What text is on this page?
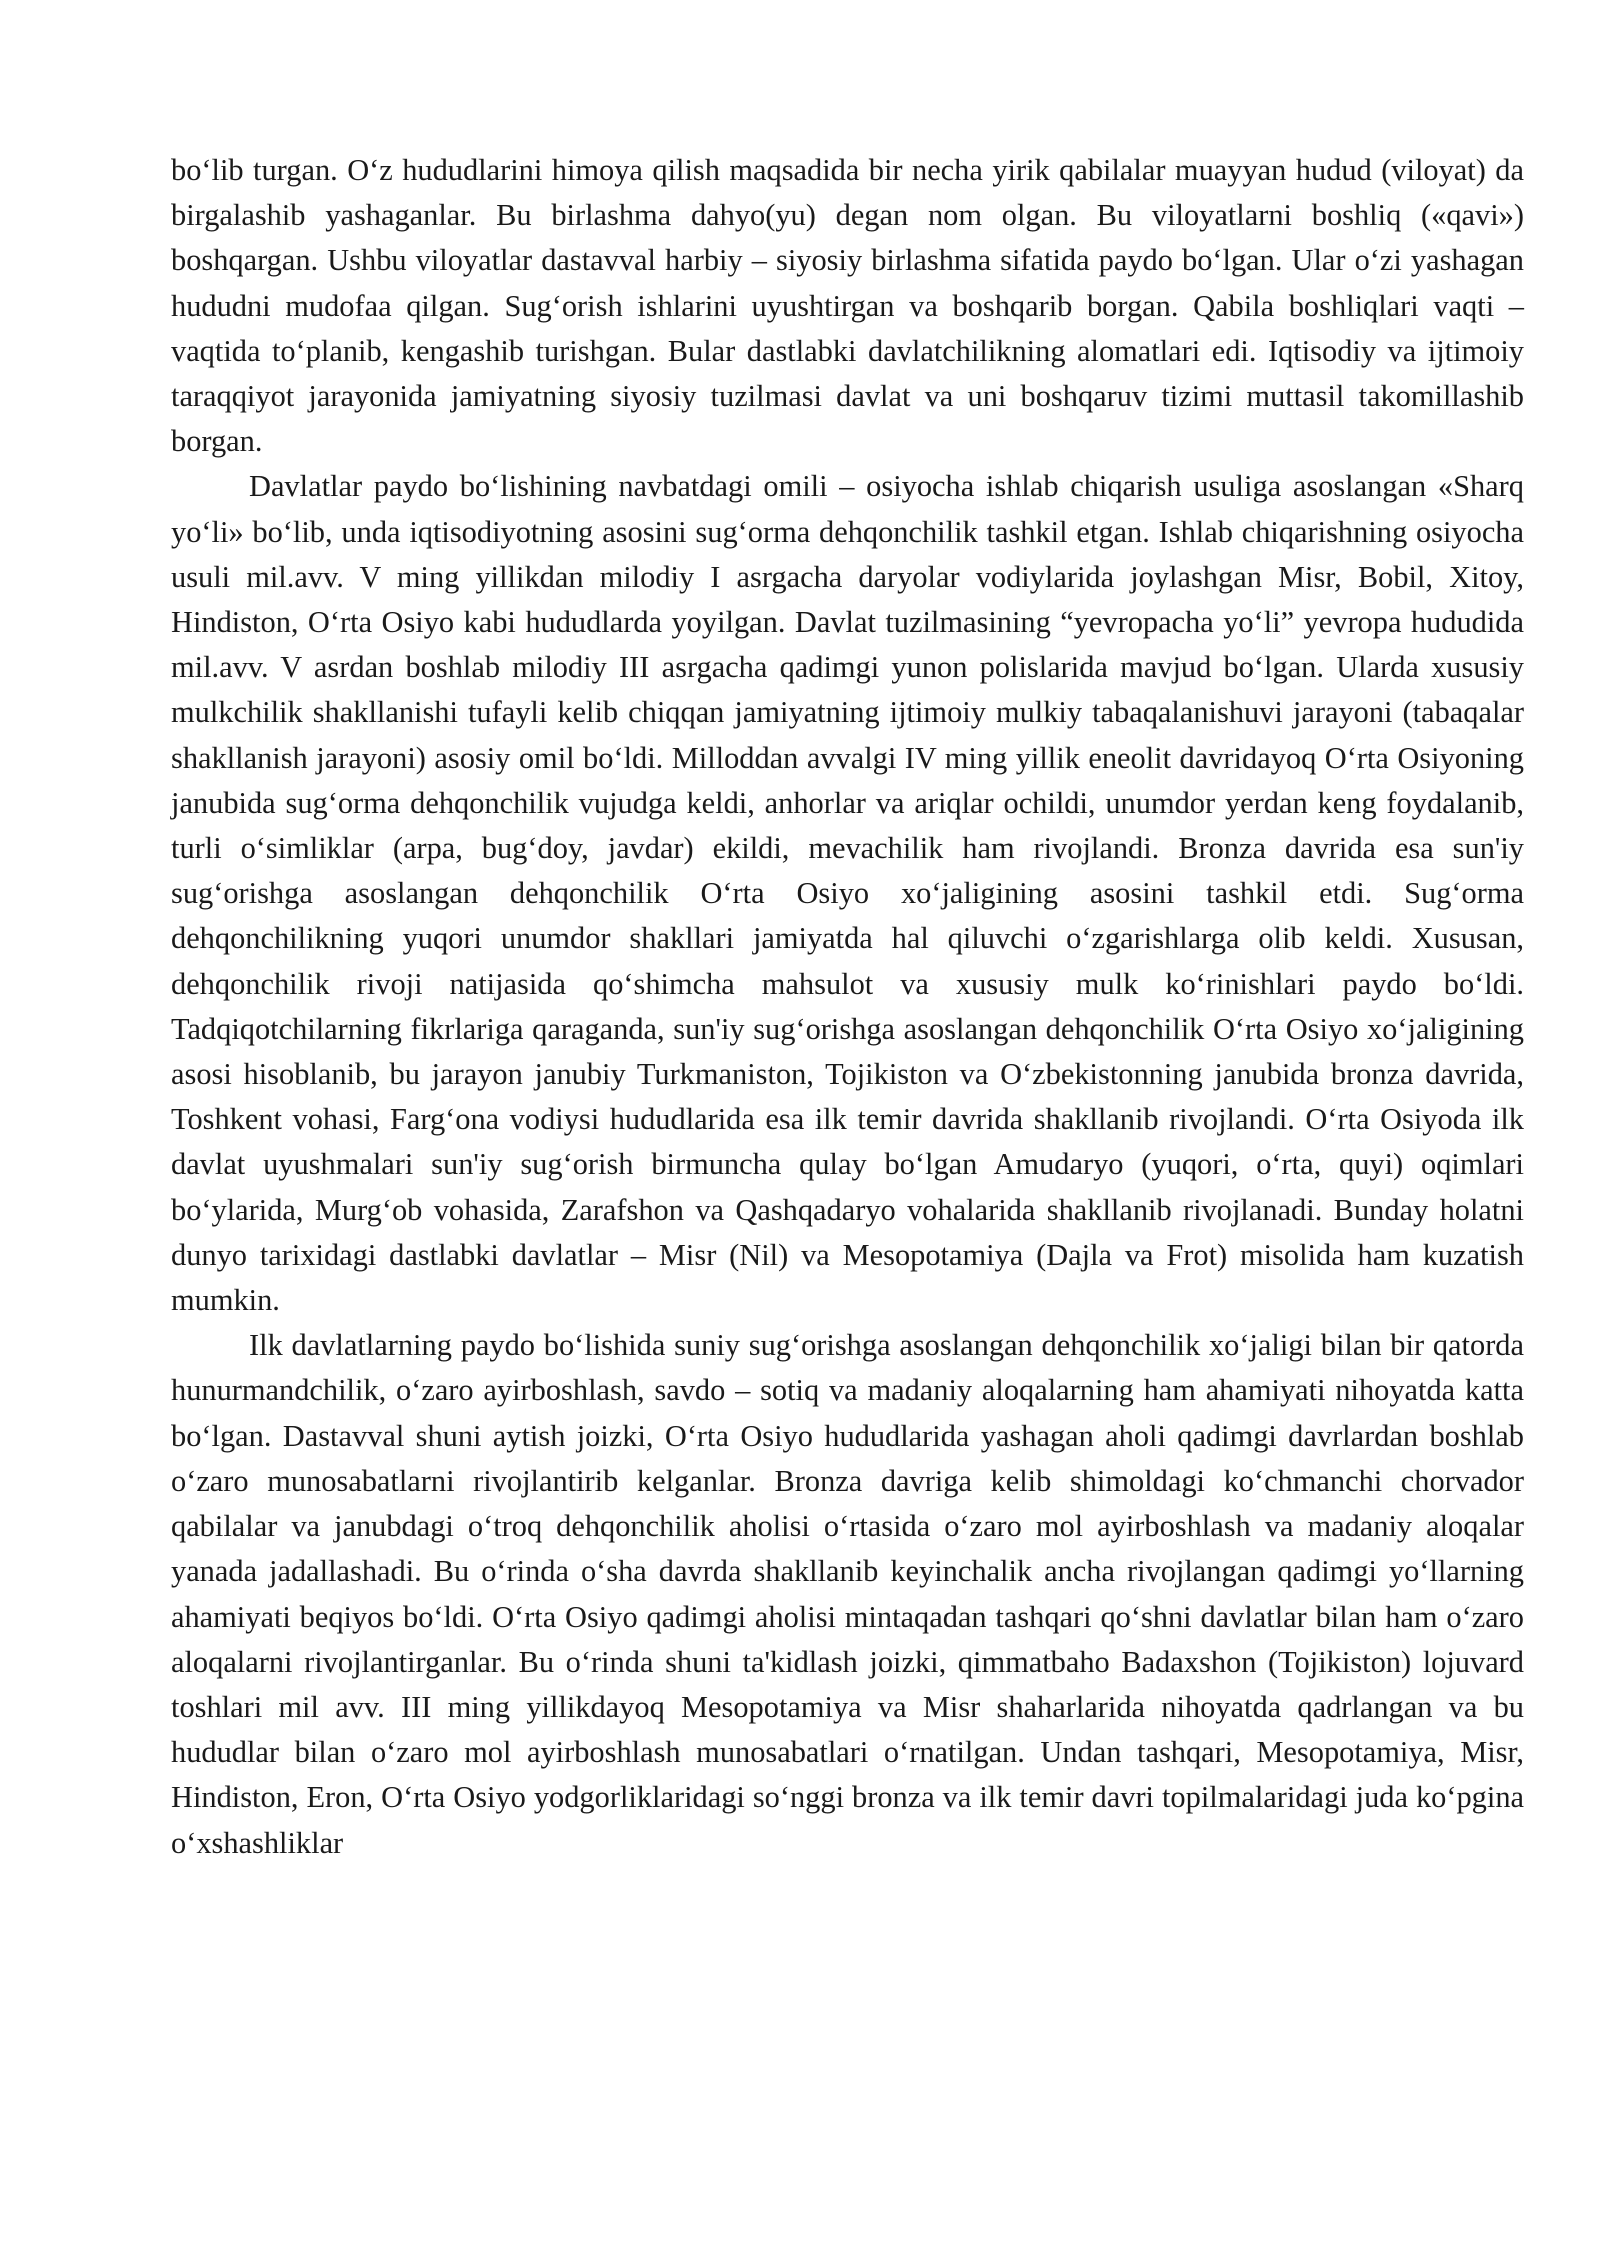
bo‘lib turgan. O‘z hududlarini himoya qilish maqsadida bir necha yirik qabilalar muayyan hudud (viloyat) da birgalashib yashaganlar. Bu birlashma dahyo(yu) degan nom olgan. Bu viloyatlarni boshliq («qavi») boshqargan. Ushbu viloyatlar dastavval harbiy – siyosiy birlashma sifatida paydo bo‘lgan. Ular o‘zi yashagan hududni mudofaa qilgan. Sug‘orish ishlarini uyushtirgan va boshqarib borgan. Qabila boshliqlari vaqti – vaqtida to‘planib, kengashib turishgan. Bular dastlabki davlatchilikning alomatlari edi. Iqtisodiy va ijtimoiy taraqqiyot jarayonida jamiyatning siyosiy tuzilmasi davlat va uni boshqaruv tizimi muttasil takomillashib borgan.

Davlatlar paydo bo‘lishining navbatdagi omili – osiyocha ishlab chiqarish usuliga asoslangan «Sharq yo‘li» bo‘lib, unda iqtisodiyotning asosini sug‘orma dehqonchilik tashkil etgan. Ishlab chiqarishning osiyocha usuli mil.avv. V ming yillikdan milodiy I asrgacha daryolar vodiylarida joylashgan Misr, Bobil, Xitoy, Hindiston, O‘rta Osiyo kabi hududlarda yoyilgan. Davlat tuzilmasining “yevropacha yo‘li” yevropa hududida mil.avv. V asrdan boshlab milodiy III asrgacha qadimgi yunon polislarida mavjud bo‘lgan. Ularda xususiy mulkchilik shakllanishi tufayli kelib chiqqan jamiyatning ijtimoiy mulkiy tabaqalanishuvi jarayoni (tabaqalar shakllanish jarayoni) asosiy omil bo‘ldi. Milloddan avvalgi IV ming yillik eneolit davridayoq O‘rta Osiyoning janubida sug‘orma dehqonchilik vujudga keldi, anhorlar va ariqlar ochildi, unumdor yerdan keng foydalanib, turli o‘simliklar (arpa, bug‘doy, javdar) ekildi, mevachilik ham rivojlandi. Bronza davrida esa sun'iy sug‘orishga asoslangan dehqonchilik O‘rta Osiyo xo‘jaligining asosini tashkil etdi. Sug‘orma dehqonchilikning yuqori unumdor shakllari jamiyatda hal qiluvchi o‘zgarishlarga olib keldi. Xususan, dehqonchilik rivoji natijasida qo‘shimcha mahsulot va xususiy mulk ko‘rinishlari paydo bo‘ldi. Tadqiqotchilarning fikrlariga qaraganda, sun'iy sug‘orishga asoslangan dehqonchilik O‘rta Osiyo xo‘jaligining asosi hisoblanib, bu jarayon janubiy Turkmaniston, Tojikiston va O‘zbekistonning janubida bronza davrida, Toshkent vohasi, Farg‘ona vodiysi hududlarida esa ilk temir davrida shakllanib rivojlandi. O‘rta Osiyoda ilk davlat uyushmalari sun'iy sug‘orish birmuncha qulay bo‘lgan Amudaryo (yuqori, o‘rta, quyi) oqimlari bo‘ylarida, Murg‘ob vohasida, Zarafshon va Qashqadaryo vohalarida shakllanib rivojlanadi. Bunday holatni dunyo tarixidagi dastlabki davlatlar – Misr (Nil) va Mesopotamiya (Dajla va Frot) misolida ham kuzatish mumkin.

Ilk davlatlarning paydo bo‘lishida suniy sug‘orishga asoslangan dehqonchilik xo‘jaligi bilan bir qatorda hunurmandchilik, o‘zaro ayirboshlash, savdo – sotiq va madaniy aloqalarning ham ahamiyati nihoyatda katta bo‘lgan. Dastavval shuni aytish joizki, O‘rta Osiyo hududlarida yashagan aholi qadimgi davrlardan boshlab o‘zaro munosabatlarni rivojlantirib kelganlar. Bronza davriga kelib shimoldagi ko‘chmanchi chorvador qabilalar va janubdagi o‘troq dehqonchilik aholisi o‘rtasida o‘zaro mol ayirboshlash va madaniy aloqalar yanada jadallashadi. Bu o‘rinda o‘sha davrda shakllanib keyinchalik ancha rivojlangan qadimgi yo‘llarning ahamiyati beqiyos bo‘ldi. O‘rta Osiyo qadimgi aholisi mintaqadan tashqari qo‘shni davlatlar bilan ham o‘zaro aloqalarni rivojlantirganlar. Bu o‘rinda shuni ta'kidlash joizki, qimmatbaho Badaxshon (Tojikiston) lojuvard toshlari mil avv. III ming yillikdayoq Mesopotamiya va Misr shaharlarida nihoyatda qadrlangan va bu hududlar bilan o‘zaro mol ayirboshlash munosabatlari o‘rnatilgan. Undan tashqari, Mesopotamiya, Misr, Hindiston, Eron, O‘rta Osiyo yodgorliklaridagi so‘nggi bronza va ilk temir davri topilmalaridagi juda ko‘pgina o‘xshashliklar
